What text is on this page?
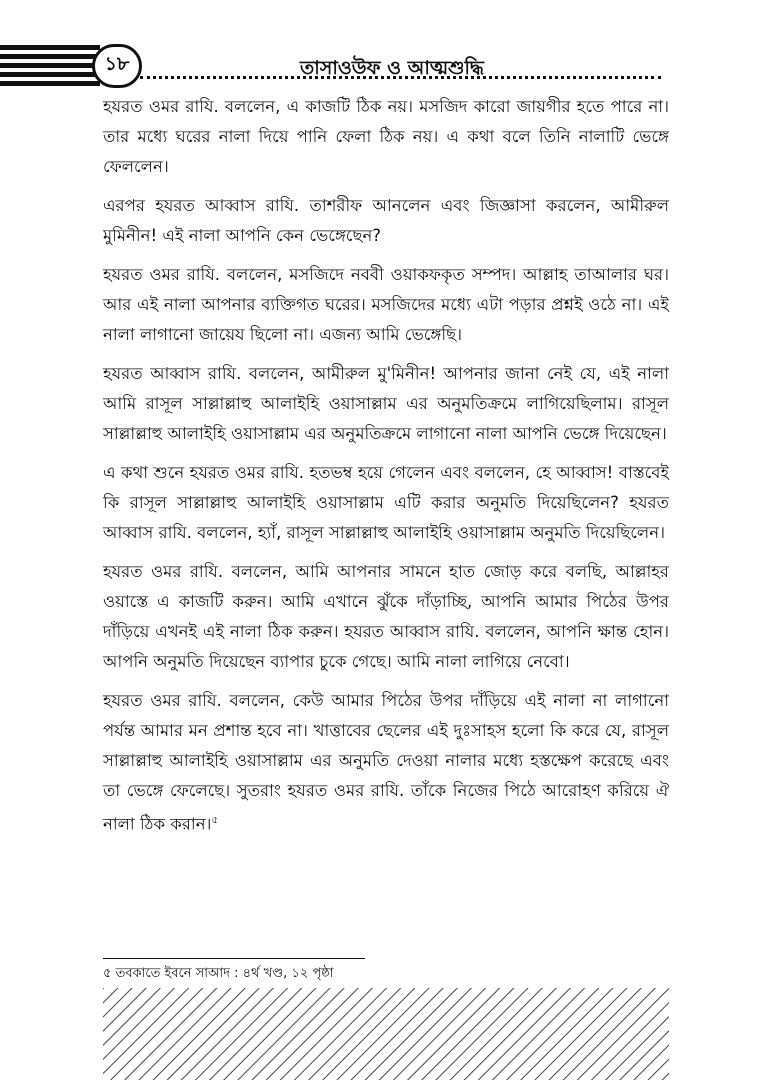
১৮	তাসাওউফ ও আত্মশুদ্ধি

হযরত ওমর রাযি. বললেন, এ কাজটি ঠিক নয়। মসজিদ কারো জায়গীর হতে পারে না। তার মধ্যে ঘরের নালা দিয়ে পানি ফেলা ঠিক নয়। এ কথা বলে তিনি নালাটি ভেঙ্গে ফেললেন।

এরপর হযরত আব্বাস রাযি. তাশরীফ আনলেন এবং জিজ্ঞাসা করলেন, আমীরুল মুমিনীন! এই নালা আপনি কেন ভেঙ্গেছেন?

হযরত ওমর রাযি. বললেন, মসজিদে নববী ওয়াকফকৃত সম্পদ। আল্লাহ তাআলার ঘর। আর এই নালা আপনার ব্যক্তিগত ঘরের। মসজিদের মধ্যে এটা পড়ার প্রশ্নই ওঠে না। এই নালা লাগানো জায়েয ছিলো না। এজন্য আমি ভেঙ্গেছি।

হযরত আব্বাস রাযি. বললেন, আমীরুল মু'মিনীন! আপনার জানা নেই যে, এই নালা আমি রাসূল সাল্লাল্লাহু আলাইহি ওয়াসাল্লাম এর অনুমতিক্রমে লাগিয়েছিলাম। রাসূল সাল্লাল্লাহু আলাইহি ওয়াসাল্লাম এর অনুমতিক্রমে লাগানো নালা আপনি ভেঙ্গে দিয়েছেন।

এ কথা শুনে হযরত ওমর রাযি. হতভম্ব হয়ে গেলেন এবং বললেন, হে আব্বাস! বাস্তবেই কি রাসূল সাল্লাল্লাহু আলাইহি ওয়াসাল্লাম এটি করার অনুমতি দিয়েছিলেন? হযরত আব্বাস রাযি. বললেন, হ্যাঁ, রাসূল সাল্লাল্লাহু আলাইহি ওয়াসাল্লাম অনুমতি দিয়েছিলেন।

হযরত ওমর রাযি. বললেন, আমি আপনার সামনে হাত জোড় করে বলছি, আল্লাহর ওয়াস্তে এ কাজটি করুন। আমি এখানে ঝুঁকে দাঁড়াচ্ছি, আপনি আমার পিঠের উপর দাঁড়িয়ে এখনই এই নালা ঠিক করুন। হযরত আব্বাস রাযি. বললেন, আপনি ক্ষান্ত হোন। আপনি অনুমতি দিয়েছেন ব্যাপার চুকে গেছে। আমি নালা লাগিয়ে নেবো।

হযরত ওমর রাযি. বললেন, কেউ আমার পিঠের উপর দাঁড়িয়ে এই নালা না লাগানো পর্যন্ত আমার মন প্রশান্ত হবে না। খাত্তাবের ছেলের এই দুঃসাহস হলো কি করে যে, রাসূল সাল্লাল্লাহু আলাইহি ওয়াসাল্লাম এর অনুমতি দেওয়া নালার মধ্যে হস্তক্ষেপ করেছে এবং তা ভেঙ্গে ফেলেছে। সুতরাং হযরত ওমর রাযি. তাঁকে নিজের পিঠে আরোহণ করিয়ে ঐ নালা ঠিক করান।$^৫$

৫ তবকাতে ইবনে সাআদ : ৪র্থ খণ্ড, ১২ পৃষ্ঠা
